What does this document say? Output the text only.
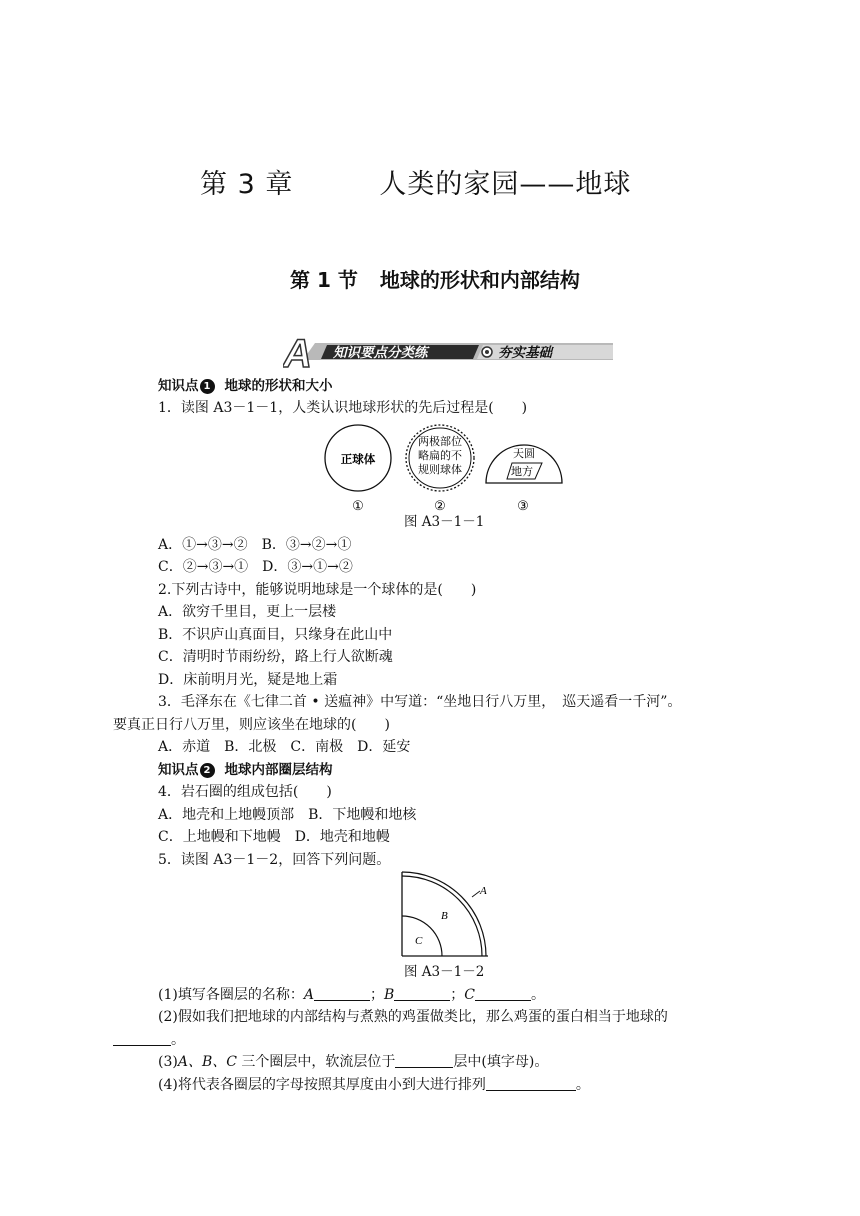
第 3 章	人类的家园——地球
第 1 节 地球的形状和内部结构
A 知识要点分类练	夯实基础
知识点 1 地球的形状和大小
1．读图 A3－1－1，人类认识地球形状的先后过程是(　　)
正球体
两极部位
略扁的不
规则球体
天圆
地方
①	②	③
图 A3－1－1
A．①→③→②　B．③→②→①
C．②→③→①　D．③→①→②
2.下列古诗中，能够说明地球是一个球体的是(　　)
A．欲穷千里目，更上一层楼
B．不识庐山真面目，只缘身在此山中
C．清明时节雨纷纷，路上行人欲断魂
D．床前明月光，疑是地上霜
3．毛泽东在《七律二首 • 送瘟神》中写道：“坐地日行八万里，　巡天遥看一千河”。
要真正日行八万里，则应该坐在地球的(　　)
A．赤道　B．北极　C．南极　D．延安
知识点 2 地球内部圈层结构
4．岩石圈的组成包括(　　)
A．地壳和上地幔顶部　B．下地幔和地核
C．上地幔和下地幔　D．地壳和地幔
5．读图 A3－1－2，回答下列问题。
A
B
C
图 A3－1－2
(1)填写各圈层的名称：A	；B	；C	。
(2)假如我们把地球的内部结构与煮熟的鸡蛋做类比，那么鸡蛋的蛋白相当于地球的
。
(3)A、B、C 三个圈层中，软流层位于	层中(填字母)。
(4)将代表各圈层的字母按照其厚度由小到大进行排列	。
